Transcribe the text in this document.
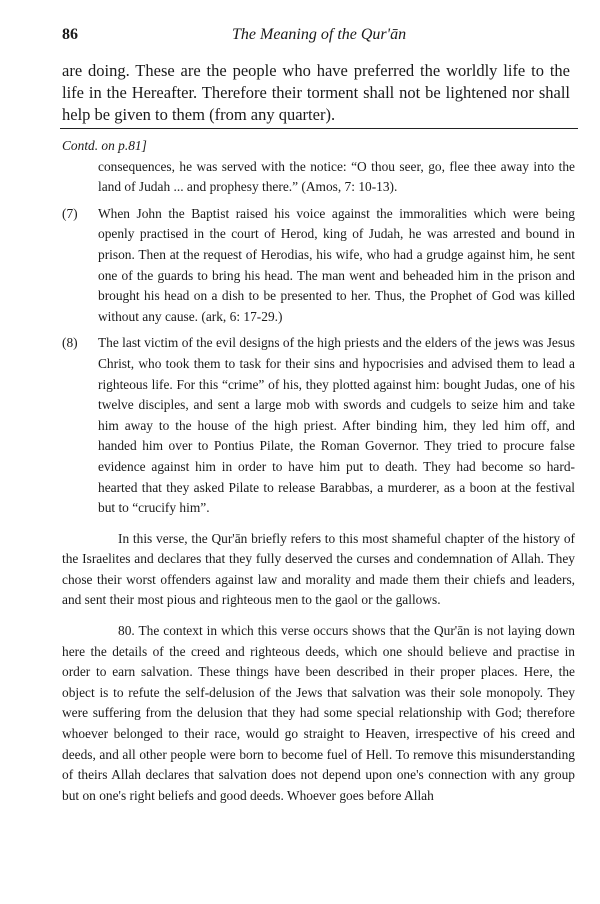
86	The Meaning of the Qur'ān

are doing. These are the people who have preferred the worldly life to the life in the Hereafter. Therefore their torment shall not be lightened nor shall help be given to them (from any quarter).

Contd. on p.81]

consequences, he was served with the notice: “O thou seer, go, flee thee away into the land of Judah ... and prophesy there.” (Amos, 7: 10-13).

(7)	When John the Baptist raised his voice against the immoralities which were being openly practised in the court of Herod, king of Judah, he was arrested and bound in prison. Then at the request of Herodias, his wife, who had a grudge against him, he sent one of the guards to bring his head. The man went and beheaded him in the prison and brought his head on a dish to be presented to her. Thus, the Prophet of God was killed without any cause. (ark, 6: 17-29.)
(8)	The last victim of the evil designs of the high priests and the elders of the jews was Jesus Christ, who took them to task for their sins and hypocrisies and advised them to lead a righteous life. For this “crime” of his, they plotted against him: bought Judas, one of his twelve disciples, and sent a large mob with swords and cudgels to seize him and take him away to the house of the high priest. After binding him, they led him off, and handed him over to Pontius Pilate, the Roman Governor. They tried to procure false evidence against him in order to have him put to death. They had become so hard-hearted that they asked Pilate to release Barabbas, a murderer, as a boon at the festival but to “crucify him”.

In this verse, the Qur'ān briefly refers to this most shameful chapter of the history of the Israelites and declares that they fully deserved the curses and condemnation of Allah. They chose their worst offenders against law and morality and made them their chiefs and leaders, and sent their most pious and righteous men to the gaol or the gallows.

80. The context in which this verse occurs shows that the Qur'ān is not laying down here the details of the creed and righteous deeds, which one should believe and practise in order to earn salvation. These things have been described in their proper places. Here, the object is to refute the self-delusion of the Jews that salvation was their sole monopoly. They were suffering from the delusion that they had some special relationship with God; therefore whoever belonged to their race, would go straight to Heaven, irrespective of his creed and deeds, and all other people were born to become fuel of Hell. To remove this misunderstanding of theirs Allah declares that salvation does not depend upon one's connection with any group but on one's right beliefs and good deeds. Whoever goes before Allah
